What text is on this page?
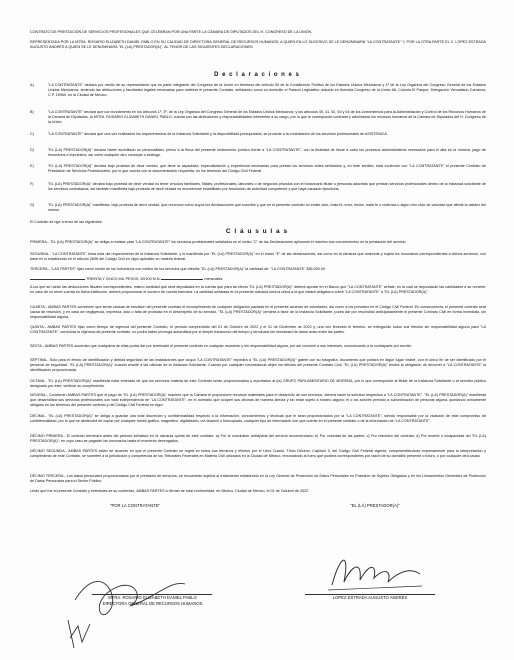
CONTRATO DE PRESTACIÓN DE SERVICIOS PROFESIONALES QUE CELEBRAN POR UNA PARTE LA CÁMARA DE DIPUTADOS DEL H. CONGRESO DE LA UNIÓN,
REPRESENTADA POR LA MTRA. ROSARIO ELIZABETH DANIEL PABLO EN SU CALIDAD DE DIRECTORA GENERAL DE RECURSOS HUMANOS, A QUIEN EN LO SUCESIVO SE LE DENOMINARÁ "LA CONTRATANTE" Y, POR LA OTRA PARTE EL C. LÓPEZ ESTRADA AUGUSTO ANDRÉS A QUIEN SE LE DENOMINARÁ "EL (LA) PRESTADOR(A)", AL TENOR DE LAS SIGUIENTES DECLARACIONES:
D e c l a r a c i o n e s
A)	"LA CONTRATANTE" declara por medio de su representante que es parte integrante del Congreso de la Unión en términos del artículo 50 de la Constitución Política de los Estados Unidos Mexicanos y 1º de la Ley Orgánica del Congreso General de los Estados Unidos Mexicanos, teniendo las atribuciones y facultades legales necesarias para celebrar el presente Contrato, señalando como su domicilio el Palacio Legislativo ubicado en Avenida Congreso de la Unión 66, Colonia El Parque, Delegación Venustiano Carranza, C.P. 15960, en la Ciudad de México.
B)	"LA CONTRATANTE" declara que con fundamento en los artículos 1º, 3º, de la Ley Orgánica del Congreso General de los Estados Unidos Mexicanos; y los artículos 40, 41, 52, 53 y 54 de los Lineamientos para la Administración y Control de los Recursos Humanos de la Cámara de Diputados, la MTRA. ROSARIO ELIZABETH DANIEL PABLO, cuenta con las atribuciones y responsabilidades inherentes a su cargo, por lo que le corresponde contratar y administrar los recursos humanos de la Cámara de Diputados del H. Congreso de la Unión.
C)	"LA CONTRATANTE" declara que una vez realizados los requerimientos de la Instancia Solicitante y la disponibilidad presupuestal, se procede a la contratación de los servicios profesionales de ASISTENCIA.
D)	"EL (LA) PRESTADOR(A)" declara haber acreditado su personalidad, previo a la firma del presente instrumento jurídico frente a "LA CONTRATANTE", con la finalidad de llevar a cabo los procesos administrativos necesarios para el alta en la nómina, pago de honorarios e impuestos, así como cualquier otro concepto u análogo.
E)	"EL (LA) PRESTADOR(A)" declara bajo protesta de decir verdad, que tiene la capacidad, especialización y experiencia necesarias para prestar los servicios antes señalados y, en este sentido, está conforme con "LA CONTRATANTE" el presente Contrato de Prestación de Servicios Profesionales; por lo que cuenta con la documentación requerida, en los términos del Código Civil Federal.
F)	"EL (LA) PRESTADOR(A)" declara bajo protesta de decir verdad no tener vínculos familiares, filiales, profesionales, laborales o de negocios privados con el funcionario titular o personas adscritas que prestan servicios profesionales dentro de la Instancia solicitante de los servicios contratados; así también manifiesta bajo protesta de decir verdad no encontrarse inhabilitado por resolución de autoridad competente y que haya causado ejecutoria.
G)	"EL (LA) PRESTADOR(A)" manifiesta, bajo protesta de decir verdad, que reconoce como suyos los declaraciones que suscribe y que en el presente contrato no existe dolo, mala fe, error, lesión, mala fe o violencia o algún otro vicio de voluntad que afecte la validez del mismo.
El Contrato se rige a tenor de las siguientes:
C l á u s u l a s
PRIMERA.- "EL (LA) PRESTADOR(A)" se obliga a realizar para "LA CONTRATANTE" los servicios profesionales señalados en el inciso "C" de las Declaraciones aplicando el máximo sus conocimientos en la prestación del servicio.
SEGUNDA.- "LA CONTRATANTE" toma nota del requerimiento de la Instancia Solicitante, y lo manifiesta por "EL (LA) PRESTADOR(A)" en el inciso "E" de las declaraciones, así como en la cláusula que antecede y sujeta los honorarios correspondientes a dichos servicios, con base en lo establecido en el artículo 2606 del Código Civil en vigor aplicable en materia federal.
TERCERA.- "LAS PARTES" fijan como monto de los honorarios con motivo de los servicios que efectúe "EL (LA) PRESTADOR(A)" la cantidad de: "LA CONTRATANTE" $36,000.00
TREINTA Y CINCO MIL PESOS, 00/100 M.N.	mensuales.
A los que se harán las deducciones fiscales correspondientes, mismo cantidad que será depositada en la cuenta que para tal efecto "EL (LA) PRESTADOR(A)" deberá aportar en el Banco que "LA CONTRATANTE" señale, en la cual se depositarán las cantidades a su nombre; en caso de no tener cuenta en dicha institución, deberá proporcionar el número de cuenta bancaria. La cantidad señalada en la presente cláusula será la única a la que estará obligada a cubrir "LA CONTRATANTE" a "EL (LA) PRESTADOR(A)".
CUARTA.- AMBAS PARTES convienen que serán causas de rescisión del presente contrato el incumplimiento de cualquier obligación pactada en el presente acuerdo de voluntades, así como a los previstos en el Código Civil Federal. En consecuencia, el presente contrato será causa de rescisión, y en caso de negligencia, impericia, dolo o falta de probidad en el desempeño de su servicio, "EL (LA) PRESTADOR(A)" perderá a favor de la Instancia Solicitante, podrá dar por rescindido anticipadamente el presente Contrato Civil en forma inmediata, sin responsabilidad alguna.
QUINTA.- AMBAS PARTES fijan como tiempo de vigencia del presente Contrato, el periodo comprendido del 01 de Octubre de 2022 y el 31 de Diciembre de 2022 y, una vez fenecido el término, se extinguirán todos sus efectos sin responsabilidad alguna para "LA CONTRATANTE", concluida la vigencia del presente contrato, no podrá haber prórroga automática por el simple transcurso del tiempo y terminará sin necesidad de darse aviso entre las partes.
SEXTA.- AMBAS PARTES acuerdan que cualquiera de ellas podrá dar por terminado el presente contrato en cualquier momento y sin responsabilidad alguna, por así convenir a sus intereses, comunicando a la contraparte por escrito.
SÉPTIMA.- Sólo para el efecto de identificación y debida seguridad de las instalaciones que ocupa "LA CONTRATANTE" expedirá a "EL (LA) PRESTADOR(A)" gafete con su fotografía, documento que portará en algún lugar visible, con el único fin de ser identificado por el personal de seguridad. "EL (LA) PRESTADOR(A)" cuando resulte a las oficinas de la Instancia Solicitante. Cuando por cualquier circunstancia dejen los efectos del presente Contrato Civil, "EL (LA) PRESTADOR(A)" tendrá la obligación de devolver a "LA CONTRATANTE" la identificación proporcionada.
OCTAVA.- "EL (LA) PRESTADOR(A)" manifiesta estar enterado de que los servicios materia de este Contrato serán proporcionados y reportados al (la) GRUPO PARLAMENTARIO DE MORENA, por lo que corresponde al titular de la Instancia Solicitante o al servidor público designado por éste, verificar su cumplimiento.
NOVENA.- Convienen AMBAS PARTES que el pago de "EL (LA) PRESTADOR(A)" requiere que la Cámara le proporcione recursos materiales para el desarrollo de sus servicios, deberá hacer la solicitud respectiva a "LA CONTRATANTE". "EL (LA) PRESTADOR(A)" manifiesta que desarrollará sus servicios profesionales con total independencia de "LA CONTRATANTE", en el domicilio que ocupen sus oficinas de manera directa y sin estar sujeto a horario alguno; él o los actores previsto a subordinación de personal alguna, quedando únicamente obligado en los términos del presente contrato y del Código Civil Federal en vigor.
DÉCIMA.- "EL (LA) PRESTADOR(A)" se obliga a guardar una total discreción y confidencialidad respecto a la información, conocimientos y técnicas que le sean proporcionados por la "LA CONTRATANTE", siendo responsable por la violación de este compromiso de confidencialidad, por lo que se abstendrá de copiar por cualquier medio gráfico, magnético, digitalizado, vía facsímil o fotocopiado, cualquier tipo de información con que cuente en el presente contrato o de la información de "LA CONTRATANTE".
DÉCIMO PRIMERA.- El contrato terminará antes del periodo señalado en la cláusula quinta de este contrato: a) Por la conclusión anticipada del servicio encomendado; b) Por voluntad de las partes; c) Por rescisión del contrato; d) Por muerte o incapacidad del "EL (LA) PRESTADOR(A)"; en cuyo caso se pagarán los honorarios hasta el momento devengados.
DÉCIMO SEGUNDA.- AMBAS PARTES están de acuerdo en que el presente Contrato se regirá en todos sus términos y efectos por el Libro Cuarto, Título Décimo, Capítulo II, del Código Civil Federal vigente, comprometiéndose expresamente para la interpretación y cumplimiento de este Contrato, se someten a la jurisdicción y competencia de los Tribunales Federales en Materia Civil ubicados en la Ciudad de México, renunciando al fuero que pudiera corresponderles por razón de su domicilio presente o futuro, o por cualquier otra causa.
DÉCIMO TERCERA.- Los datos personales proporcionados por el prestador de servicios, se encuentran sujetos al tratamiento establecido en la Ley General de Protección de Datos Personales en Posesión de Sujetos Obligados y en los Lineamientos Generales de Protección de Datos Personales para el Sector Público.
Leído que fue el presente Contrato y enteradas de su contenido, AMBAS PARTES lo firman de total conformidad, en México, Ciudad de México, el 01 de Octubre de 2022.
"POR LA CONTRATANTE"	"EL (LA) PRESTADOR(A)"
MTRA. ROSARIO ELIZABETH DANIEL PABLO
DIRECTORA GENERAL DE RECURSOS HUMANOS
LOPEZ ESTRADA AUGUSTO ANDRES
